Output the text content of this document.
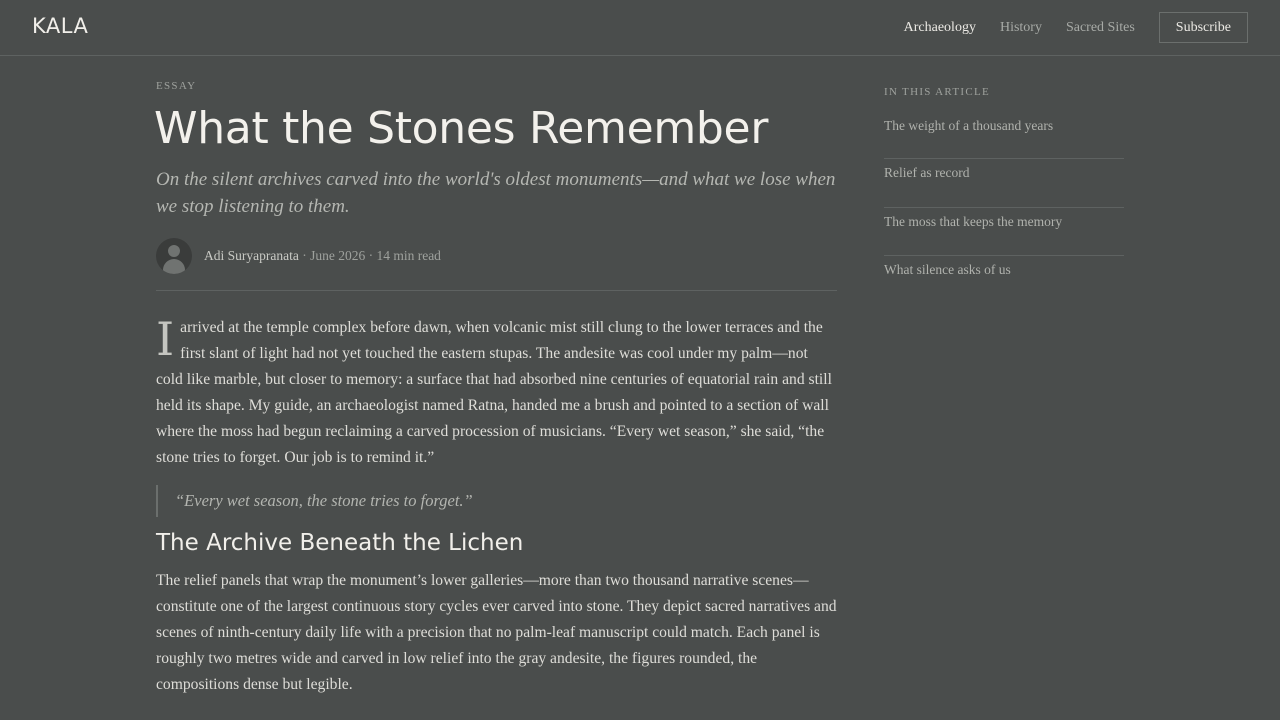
KALA	Archaeology History Sacred Sites	Subscribe

ESSAY

What the Stones Remember

On the silent archives carved into the world's oldest monuments—and what we lose when we stop listening to them.

Adi Suryapranata · June 2026 · 14 min read

Iarrived at the temple complex before dawn, when volcanic mist still clung to the lower terraces and the first slant of light had not yet touched the eastern stupas. The andesite was cool under my palm—not cold like marble, but closer to memory: a surface that had absorbed nine centuries of equatorial rain and still held its shape. My guide, an archaeologist named Ratna, handed me a brush and pointed to a section of wall where the moss had begun reclaiming a carved procession of musicians. “Every wet season,” she said, “the stone tries to forget. Our job is to remind it.”

“Every wet season, the stone tries to forget.”
The Archive Beneath the Lichen

The relief panels that wrap the monument’s lower galleries—more than two thousand narrative scenes—constitute one of the largest continuous story cycles ever carved into stone. They depict sacred narratives and scenes of ninth-century daily life with a precision that no palm-leaf manuscript could match. Each panel is roughly two metres wide and carved in low relief into the gray andesite, the figures rounded, the compositions dense but legible.

IN THIS ARTICLE

The weight of a thousand years
Relief as record
The moss that keeps the memory
What silence asks of us
